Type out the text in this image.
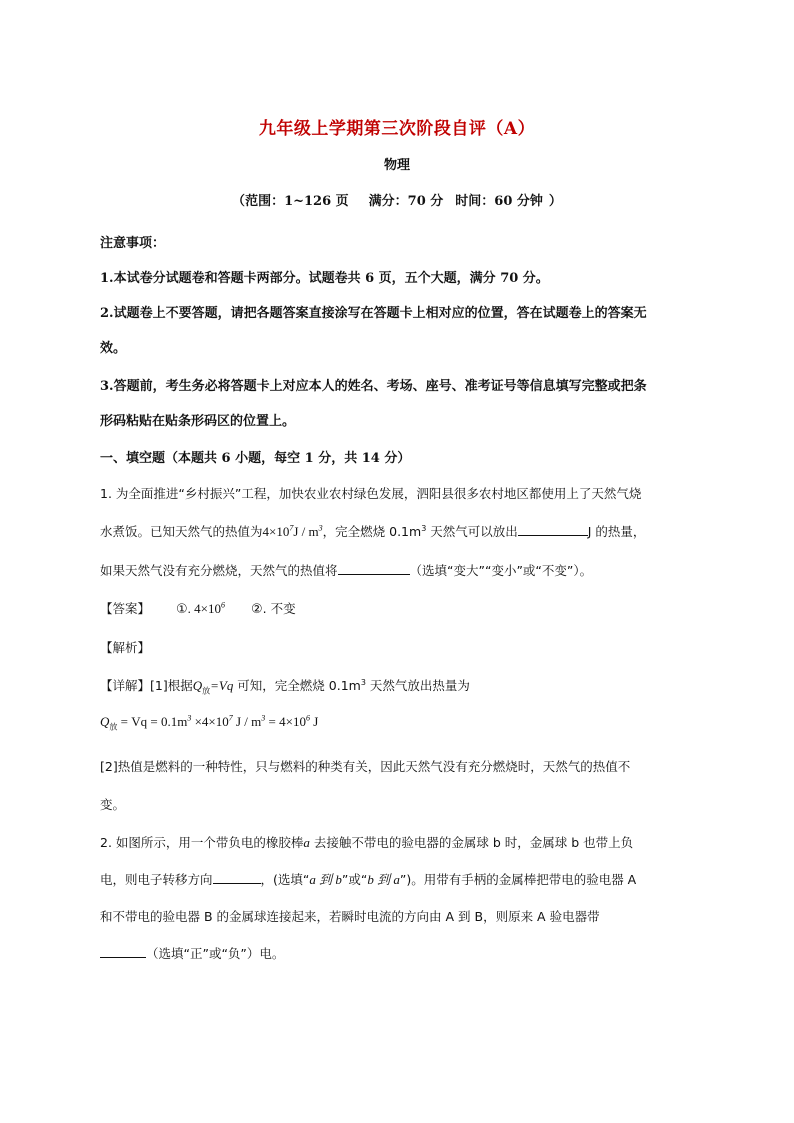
九年级上学期第三次阶段自评（A）
物理
（范围：1~126 页 满分：70 分 时间：60 分钟 ）
注意事项：
1.本试卷分试题卷和答题卡两部分。试题卷共 6 页，五个大题，满分 70 分。
2.试题卷上不要答题，请把各题答案直接涂写在答题卡上相对应的位置，答在试题卷上的答案无
效。
3.答题前，考生务必将答题卡上对应本人的姓名、考场、座号、准考证号等信息填写完整或把条
形码粘贴在贴条形码区的位置上。
一、填空题（本题共 6 小题，每空 1 分，共 14 分）
1. 为全面推进“乡村振兴”工程，加快农业农村绿色发展，泗阳县很多农村地区都使用上了天然气烧
水煮饭。已知天然气的热值为$4\times 10^7J / m^3$，完全燃烧 $0.1m^3$ 天然气可以放出	J 的热量，
如果天然气没有充分燃烧，天然气的热值将	（选填“变大”“变小”或“不变”）。
【答案】 ①. $4\times 10^6$ ②. 不变
【解析】
【详解】[1]根据$Q_放=Vq$ 可知，完全燃烧 $0.1m^3$ 天然气放出热量为
$Q_放 = Vq = 0.1m^3 \times 4\times 10^7$ $J / m^3 = 4\times 10^6$ J
[2]热值是燃料的一种特性，只与燃料的种类有关，因此天然气没有充分燃烧时，天然气的热值不
变。
2. 如图所示，用一个带负电的橡胶棒a 去接触不带电的验电器的金属球 b 时，金属球 b 也带上负
电，则电子转移方向	，(选填“a 到 b”或“b 到 a”)。用带有手柄的金属棒把带电的验电器 A
和不带电的验电器 B 的金属球连接起来，若瞬时电流的方向由 A 到 B，则原来 A 验电器带
（选填“正”或“负”）电。
